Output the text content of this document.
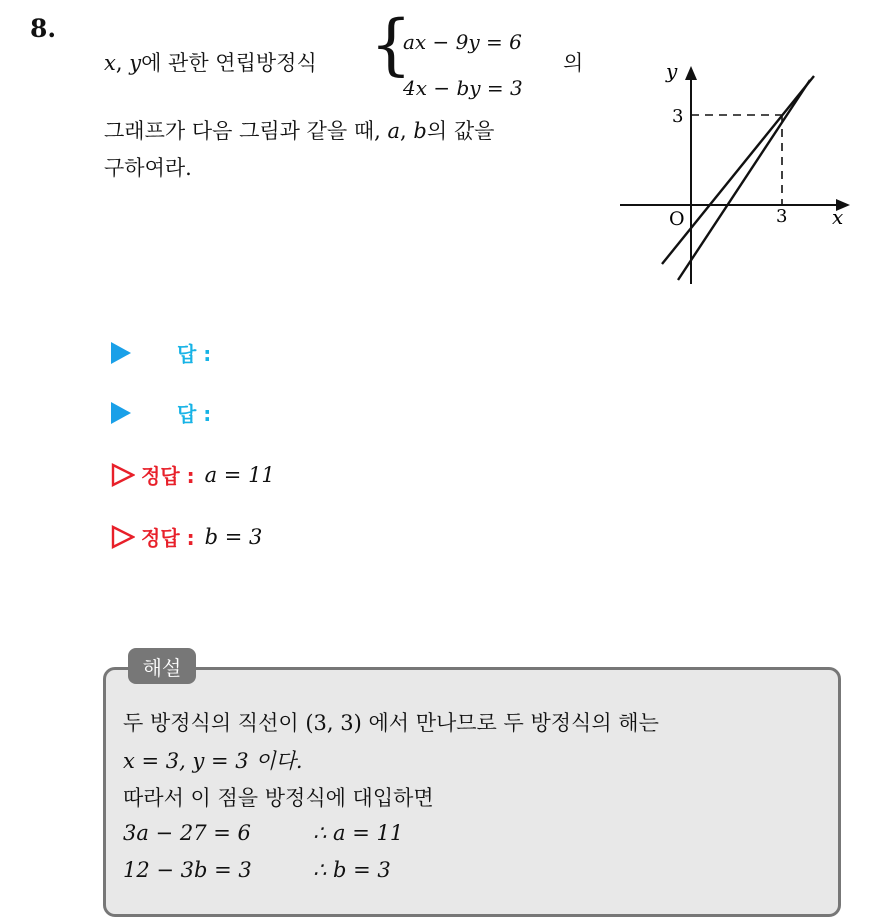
8.
x, y에 관한 연립방정식 {
ax − 9y = 6
4x − by = 3
의
그래프가 다음 그림과 같을 때, a, b의 값을
구하여라.
y
x
O
3
3
답 :
답 :
정답 : a = 11
정답 : b = 3
해설
두 방정식의 직선이 (3, 3) 에서 만나므로 두 방정식의 해는
x = 3, y = 3 이다.
따라서 이 점을 방정식에 대입하면
3a − 27 = 6	∴ a = 11
12 − 3b = 3	∴ b = 3
